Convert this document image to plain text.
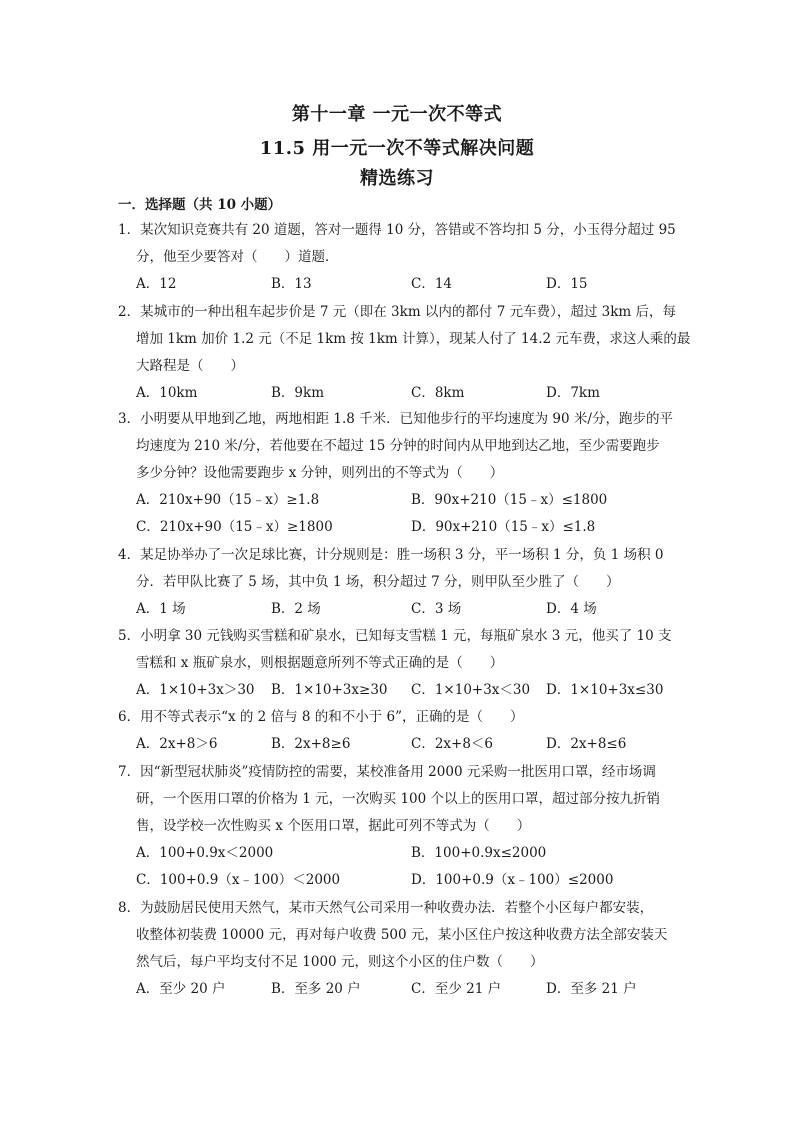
第十一章 一元一次不等式
11.5 用一元一次不等式解决问题
精选练习
一．选择题（共 10 小题）
1．某次知识竞赛共有 20 道题，答对一题得 10 分，答错或不答均扣 5 分，小玉得分超过 95
分，他至少要答对（　　）道题．
A．12	B．13	C．14	D．15
2．某城市的一种出租车起步价是 7 元（即在 3km 以内的都付 7 元车费），超过 3km 后，每
增加 1km 加价 1.2 元（不足 1km 按 1km 计算），现某人付了 14.2 元车费，求这人乘的最
大路程是（　　）
A．10km	B．9km	C．8km	D．7km
3．小明要从甲地到乙地，两地相距 1.8 千米．已知他步行的平均速度为 90 米/分，跑步的平
均速度为 210 米/分，若他要在不超过 15 分钟的时间内从甲地到达乙地，至少需要跑步
多少分钟？设他需要跑步 x 分钟，则列出的不等式为（　　）
A．210x+90（15﹣x）≥1.8	B．90x+210（15﹣x）≤1800
C．210x+90（15﹣x）≥1800	D．90x+210（15﹣x）≤1.8
4．某足协举办了一次足球比赛，计分规则是：胜一场积 3 分，平一场积 1 分，负 1 场积 0
分．若甲队比赛了 5 场，其中负 1 场，积分超过 7 分，则甲队至少胜了（　　）
A．1 场	B．2 场	C．3 场	D．4 场
5．小明拿 30 元钱购买雪糕和矿泉水，已知每支雪糕 1 元，每瓶矿泉水 3 元，他买了 10 支
雪糕和 x 瓶矿泉水，则根据题意所列不等式正确的是（　　）
A．1×10+3x＞30 B．1×10+3x≥30 C．1×10+3x＜30 D．1×10+3x≤30
6．用不等式表示“x 的 2 倍与 8 的和不小于 6”，正确的是（　　）
A．2x+8＞6	B．2x+8≥6	C．2x+8＜6	D．2x+8≤6
7．因“新型冠状肺炎”疫情防控的需要，某校准备用 2000 元采购一批医用口罩，经市场调
研，一个医用口罩的价格为 1 元，一次购买 100 个以上的医用口罩，超过部分按九折销
售，设学校一次性购买 x 个医用口罩，据此可列不等式为（　　）
A．100+0.9x＜2000	B．100+0.9x≤2000
C．100+0.9（x﹣100）＜2000	D．100+0.9（x﹣100）≤2000
8．为鼓励居民使用天然气，某市天然气公司采用一种收费办法．若整个小区每户都安装，
收整体初装费 10000 元，再对每户收费 500 元，某小区住户按这种收费方法全部安装天
然气后，每户平均支付不足 1000 元，则这个小区的住户数（　　）
A．至少 20 户	B．至多 20 户	C．至少 21 户	D．至多 21 户
